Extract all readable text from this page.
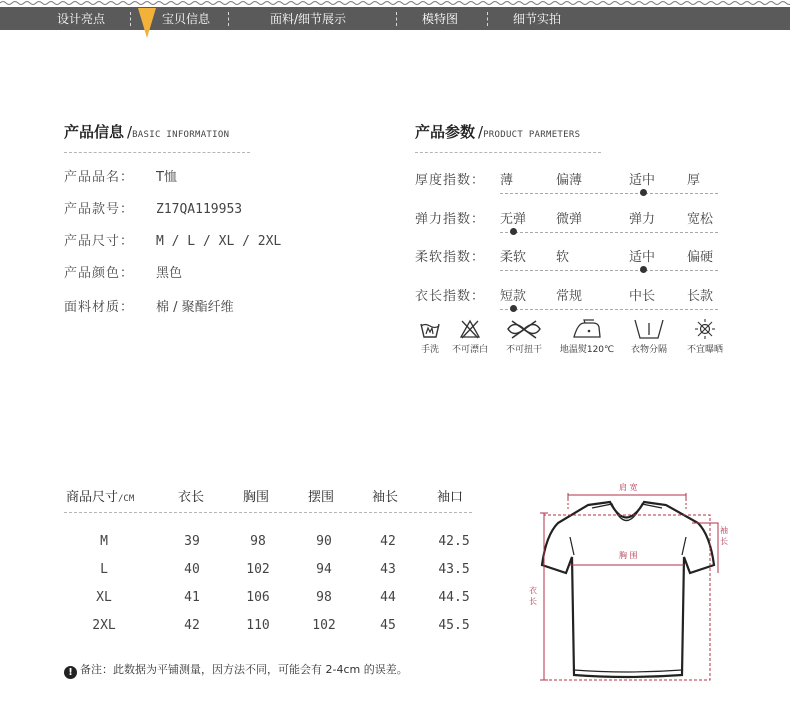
设计亮点	宝贝信息	面料/细节展示	模特图	细节实拍
产品信息 /BASIC INFORMATION
产品品名： T恤
产品款号： Z17QA119953
产品尺寸： M / L / XL / 2XL
产品颜色： 黑色
面料材质： 棉 / 聚酯纤维
产品参数 /PRODUCT PARMETERS
厚度指数： 薄	偏薄	适中 厚
弹力指数： 无弹 微弹	弹力 宽松
柔软指数： 柔软 软	适中 偏硬
衣长指数： 短款 常规	中长 长款
手洗	不可漂白	不可扭干	地温熨120℃	衣物分隔	不宜曝晒
商品尺寸/CM	衣长	胸围	摆围	袖长	袖口
M	39	98	90	42	42.5
L	40	102	94	43	43.5
XL	41	106	98	44	44.5
2XL	42	110	102	45	45.5
! 备注：此数据为平铺测量，因方法不同，可能会有 2-4cm 的误差。
肩 宽
胸 围
袖长
衣长
